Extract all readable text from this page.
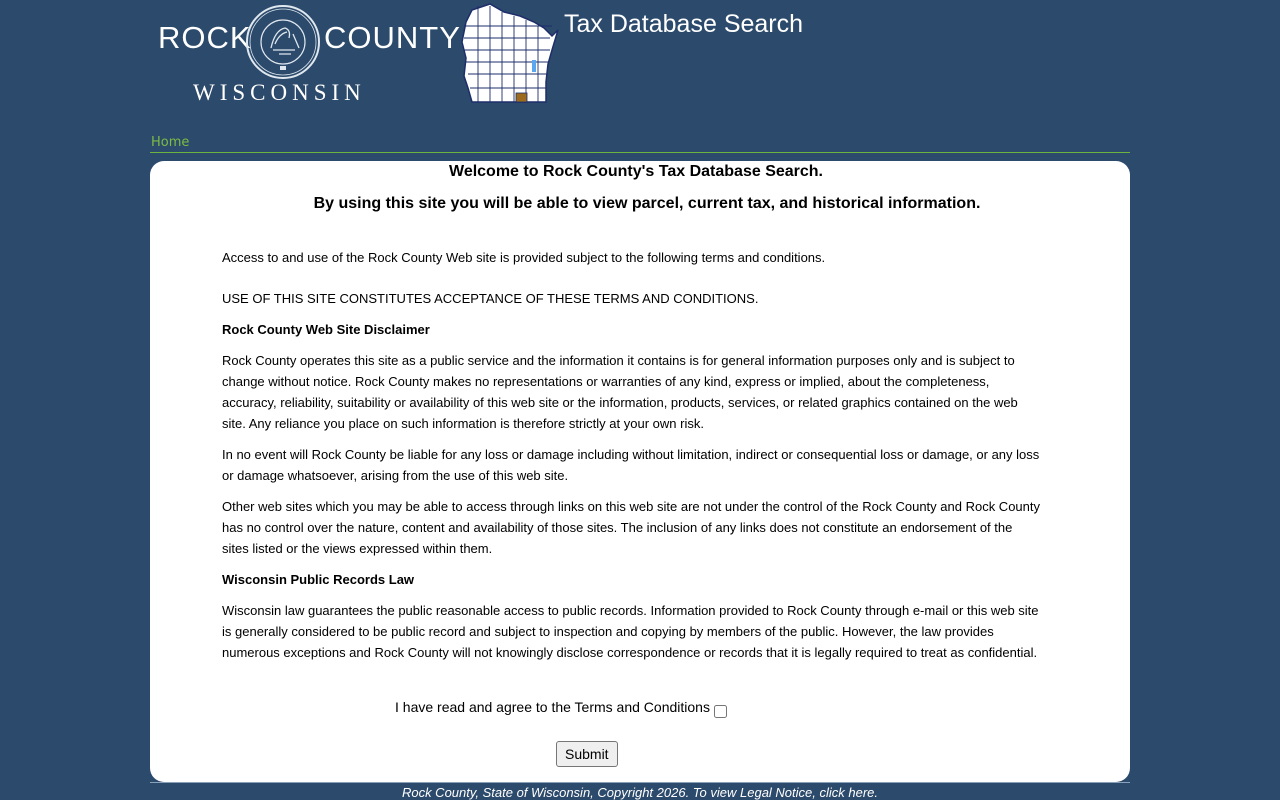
ROCK COUNTY
WISCONSIN
Tax Database Search
Home
Welcome to Rock County's Tax Database Search.
By using this site you will be able to view parcel, current tax, and historical information.

Access to and use of the Rock County Web site is provided subject to the following terms and conditions.

USE OF THIS SITE CONSTITUTES ACCEPTANCE OF THESE TERMS AND CONDITIONS.

Rock County Web Site Disclaimer

Rock County operates this site as a public service and the information it contains is for general information purposes only and is subject to change without notice. Rock County makes no representations or warranties of any kind, express or implied, about the completeness, accuracy, reliability, suitability or availability of this web site or the information, products, services, or related graphics contained on the web site. Any reliance you place on such information is therefore strictly at your own risk.

In no event will Rock County be liable for any loss or damage including without limitation, indirect or consequential loss or damage, or any loss or damage whatsoever, arising from the use of this web site.

Other web sites which you may be able to access through links on this web site are not under the control of the Rock County and Rock County has no control over the nature, content and availability of those sites. The inclusion of any links does not constitute an endorsement of the sites listed or the views expressed within them.

Wisconsin Public Records Law

Wisconsin law guarantees the public reasonable access to public records. Information provided to Rock County through e-mail or this web site is generally considered to be public record and subject to inspection and copying by members of the public. However, the law provides numerous exceptions and Rock County will not knowingly disclose correspondence or records that it is legally required to treat as confidential.

I have read and agree to the Terms and Conditions
Submit
Rock County, State of Wisconsin, Copyright 2026. To view Legal Notice, click here.
